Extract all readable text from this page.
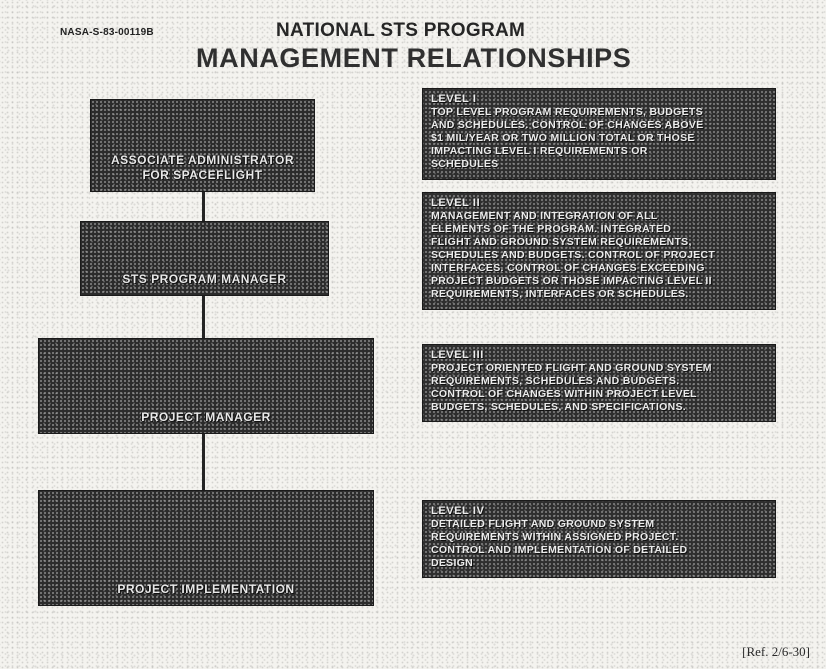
NASA-S-83-00119B	NATIONAL STS PROGRAM
MANAGEMENT RELATIONSHIPS
ASSOCIATE ADMINISTRATOR
FOR SPACEFLIGHT
STS PROGRAM MANAGER
PROJECT MANAGER
PROJECT IMPLEMENTATION
LEVEL I
TOP LEVEL PROGRAM REQUIREMENTS, BUDGETS
AND SCHEDULES. CONTROL OF CHANGES ABOVE
$1 MIL/YEAR OR TWO MILLION TOTAL OR THOSE
IMPACTING LEVEL I REQUIREMENTS OR
SCHEDULES
LEVEL II
MANAGEMENT AND INTEGRATION OF ALL
ELEMENTS OF THE PROGRAM. INTEGRATED
FLIGHT AND GROUND SYSTEM REQUIREMENTS,
SCHEDULES AND BUDGETS. CONTROL OF PROJECT
INTERFACES. CONTROL OF CHANGES EXCEEDING
PROJECT BUDGETS OR THOSE IMPACTING LEVEL II
REQUIREMENTS, INTERFACES OR SCHEDULES.
LEVEL III
PROJECT ORIENTED FLIGHT AND GROUND SYSTEM
REQUIREMENTS, SCHEDULES AND BUDGETS.
CONTROL OF CHANGES WITHIN PROJECT LEVEL
BUDGETS, SCHEDULES, AND SPECIFICATIONS.
LEVEL IV
DETAILED FLIGHT AND GROUND SYSTEM
REQUIREMENTS WITHIN ASSIGNED PROJECT.
CONTROL AND IMPLEMENTATION OF DETAILED
DESIGN
[Ref. 2/6-30]
